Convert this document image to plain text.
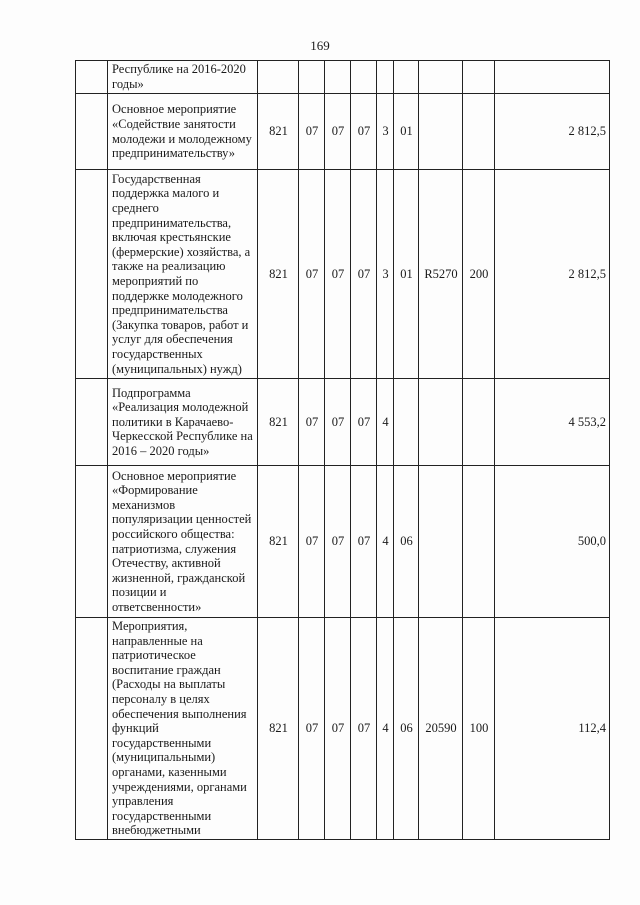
169
	Республике на 2016-2020 годы»									
	Основное мероприятие «Содействие занятости молодежи и молодежному предпринимательству»	821	07	07	07	3	01			2 812,5
	Государственная поддержка малого и среднего предпринимательства, включая крестьянские (фермерские) хозяйства, а также на реализацию мероприятий по поддержке молодежного предпринимательства (Закупка товаров, работ и услуг для обеспечения государственных (муниципальных) нужд)	821	07	07	07	3	01	R5270	200	2 812,5
	Подпрограмма «Реализация молодежной политики в Карачаево-Черкесской Республике на 2016 – 2020 годы»	821	07	07	07	4				4 553,2
	Основное мероприятие «Формирование механизмов популяризации ценностей российского общества: патриотизма, служения Отечеству, активной жизненной, гражданской позиции и ответсвенности»	821	07	07	07	4	06			500,0
	Мероприятия, направленные на патриотическое воспитание граждан (Расходы на выплаты персоналу в целях обеспечения выполнения функций государственными (муниципальными) органами, казенными учреждениями, органами управления государственными внебюджетными	821	07	07	07	4	06	20590	100	112,4
